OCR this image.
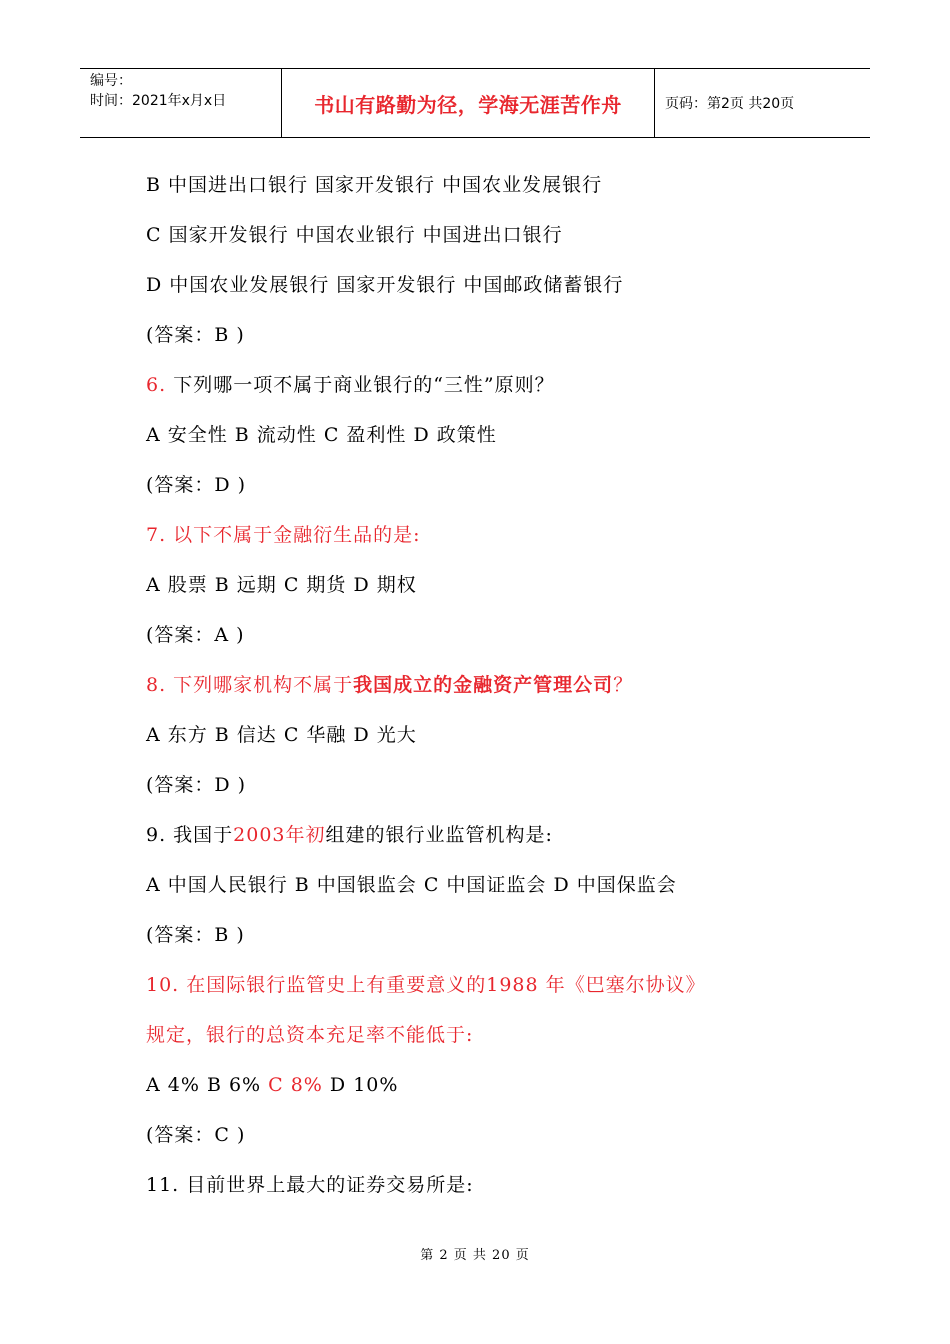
编号：
时间：2021年x月x日	书山有路勤为径，学海无涯苦作舟	页码：第2页 共20页
B 中国进出口银行 国家开发银行 中国农业发展银行
C 国家开发银行 中国农业银行 中国进出口银行
D 中国农业发展银行 国家开发银行 中国邮政储蓄银行
(答案：B )
6. 下列哪一项不属于商业银行的“三性”原则？
A 安全性 B 流动性 C 盈利性 D 政策性
(答案：D )
7. 以下不属于金融衍生品的是:
A 股票 B 远期 C 期货 D 期权
(答案：A )
8. 下列哪家机构不属于我国成立的金融资产管理公司？
A 东方 B 信达 C 华融 D 光大
(答案：D )
9. 我国于2003年初组建的银行业监管机构是:
A 中国人民银行 B 中国银监会 C 中国证监会 D 中国保监会
(答案：B )
10. 在国际银行监管史上有重要意义的1988 年《巴塞尔协议》
规定，银行的总资本充足率不能低于:
A 4% B 6% C 8% D 10%
(答案：C )
11. 目前世界上最大的证券交易所是:
第 2 页 共 20 页
